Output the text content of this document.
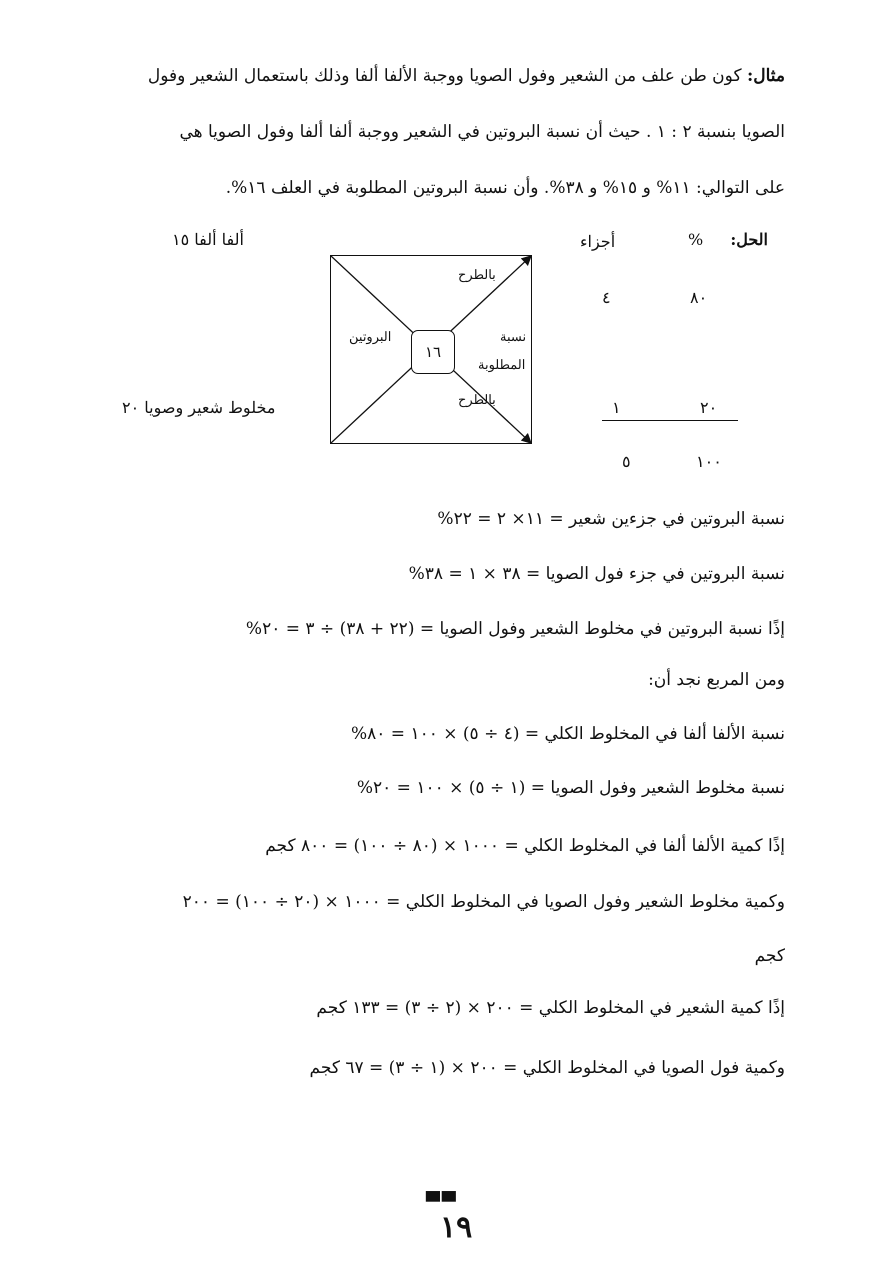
مثال: كون طن علف من الشعير وفول الصويا ووجبة الألفا ألفا وذلك باستعمال الشعير وفول

الصويا بنسبة ٢ : ١ . حيث أن نسبة البروتين في الشعير ووجبة ألفا ألفا وفول الصويا هي

على التوالي: ١١% و ١٥% و ٣٨%. وأن نسبة البروتين المطلوبة في العلف ١٦%.

الحل:
%
أجزاء
ألفا ألفا ١٥
مخلوط شعير وصويا ٢٠
١٦
بالطرح
البروتين	نسبة
المطلوبة
بالطرح
٨٠
٤
٢٠
١
١٠٠
٥
نسبة البروتين في جزءين شعير = ١١× ٢ = ٢٢%
نسبة البروتين في جزء فول الصويا = ٣٨ × ١ = ٣٨%
إذًا نسبة البروتين في مخلوط الشعير وفول الصويا = (٢٢ + ٣٨) ÷ ٣ = ٢٠%
ومن المربع نجد أن:
نسبة الألفا ألفا في المخلوط الكلي = (٤ ÷ ٥) × ١٠٠ = ٨٠%
نسبة مخلوط الشعير وفول الصويا = (١ ÷ ٥) × ١٠٠ = ٢٠%
إذًا كمية الألفا ألفا في المخلوط الكلي = ١٠٠٠ × (٨٠ ÷ ١٠٠) = ٨٠٠ كجم
وكمية مخلوط الشعير وفول الصويا في المخلوط الكلي = ١٠٠٠ × (٢٠ ÷ ١٠٠) = ٢٠٠
كجم
إذًا كمية الشعير في المخلوط الكلي = ٢٠٠ × (٢ ÷ ٣) = ١٣٣ كجم
وكمية فول الصويا في المخلوط الكلي = ٢٠٠ × (١ ÷ ٣) = ٦٧ كجم
▀▀
١٩
